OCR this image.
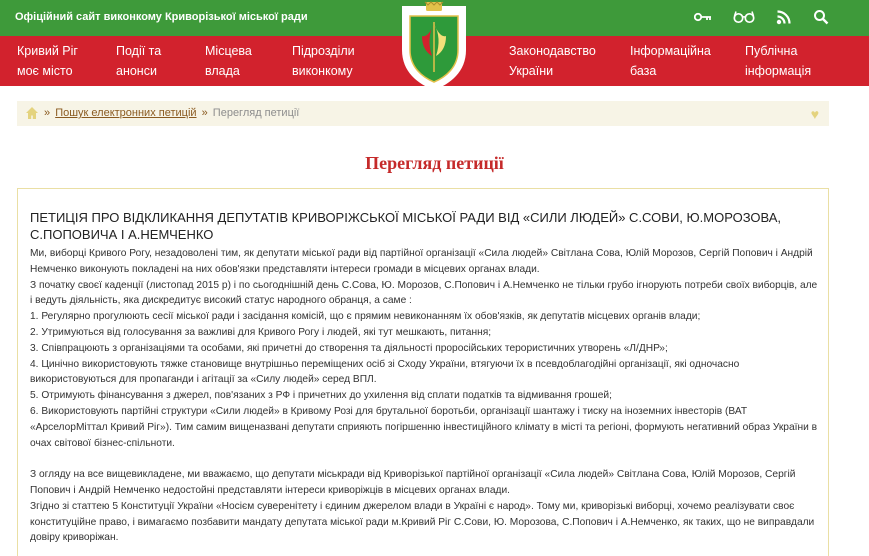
Офіційний сайт виконкому Криворізької міської ради
Кривий Ріг
моє місто
Події та
анонси
Місцева
влада
Підрозділи
виконкому
Законодавство
України
Інформаційна
база
Публічна
інформація
» Пошук електронних петицій » Перегляд петиції	♥
Перегляд петиції
ПЕТИЦІЯ ПРО ВІДКЛИКАННЯ ДЕПУТАТІВ КРИВОРІЖСЬКОЇ МІСЬКОЇ РАДИ ВІД «СИЛИ ЛЮДЕЙ» С.СОВИ, Ю.МОРОЗОВА, С.ПОПОВИЧА І А.НЕМЧЕНКО

Ми, виборці Кривого Рогу, незадоволені тим, як депутати міської ради від партійної організації «Сила людей» Світлана Сова, Юлій Морозов, Сергій Попович і Андрій Немченко виконують покладені на них обов'язки представляти інтереси громади в місцевих органах влади.

З початку своєї каденції (листопад 2015 р) і по сьогоднішній день С.Сова, Ю. Морозов, С.Попович і А.Немченко не тільки грубо ігнорують потреби своїх виборців, але і ведуть діяльність, яка дискредитує високий статус народного обранця, а саме :

1. Регулярно прогулюють сесії міської ради і засідання комісій, що є прямим невиконанням їх обов'язків, як депутатів місцевих органів влади;

2. Утримуються від голосування за важливі для Кривого Рогу і людей, які тут мешкають, питання;

3. Співпрацюють з організаціями та особами, які причетні до створення та діяльності проросійських терористичних утворень «Л/ДНР»;

4. Цинічно використовують тяжке становище внутрішньо переміщених осіб зі Сходу України, втягуючи їх в псевдоблагодійні організації, які одночасно використовуються для пропаганди і агітації за «Силу людей» серед ВПЛ.

5. Отримують фінансування з джерел, пов'язаних з РФ і причетних до ухилення від сплати податків та відмивання грошей;

6. Використовують партійні структури «Сили людей» в Кривому Розі для брутальної боротьби, організації шантажу і тиску на іноземних інвесторів (ВАТ «АрселорМіттал Кривий Ріг»). Тим самим вищеназвані депутати сприяють погіршенню інвестиційного клімату в місті та регіоні, формують негативний образ України в очах світової бізнес-спільноти.

З огляду на все вищевикладене, ми вважаємо, що депутати міськради від Криворізької партійної організації «Сила людей» Світлана Сова, Юлій Морозов, Сергій Попович і Андрій Немченко недостойні представляти інтереси криворіжців в місцевих органах влади.

Згідно зі статтею 5 Конституції України «Носієм суверенітету і єдиним джерелом влади в Україні є народ». Тому ми, криворізькі виборці, хочемо реалізувати своє конституційне право, і вимагаємо позбавити мандату депутата міської ради м.Кривий Ріг С.Сови, Ю. Морозова, С.Попович і А.Немченко, як таких, що не виправдали довіру криворіжан.
